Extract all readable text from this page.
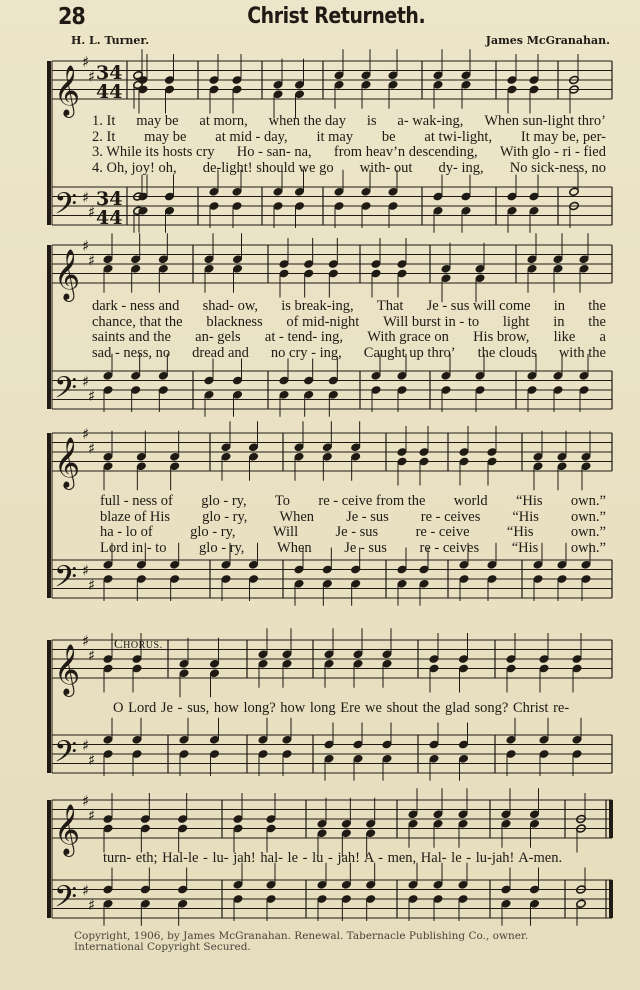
28	Christ Returneth.
H. L. Turner.	James McGranahan.
𝄞
𝄢
♯
♯
♯
♯
34
44
34
44
𝄞
𝄢
♯
♯
♯
♯
𝄞
𝄢
♯
♯
♯
♯
𝄞
𝄢
♯
♯
♯
♯
𝄞
𝄢
♯
♯
♯
♯
1. It may be at morn, when the day is a- wak-ing, When sun-light thro’
2. It may be at mid - day, it may be at twi-light, It may be, per-
3. While its hosts cry Ho - san- na, from heav’n descending, With glo - ri - fied
4. Oh, joy! oh, de-light! should we go with- out dy- ing, No sick-ness, no
dark - ness and shad- ow, is break-ing, That Je - sus will come in the
chance, that the blackness of mid-night Will burst in - to light in the
saints and the an- gels at - tend- ing, With grace on His brow, like a
sad - ness, no dread and no cry - ing, Caught up thro’ the clouds with the
full - ness of glo - ry, To re - ceive from the world “His own.”
blaze of His glo - ry, When Je - sus re - ceives “His own.”
ha - lo of	glo - ry,	Will	Je - sus	re - ceive	“His	own.”
Lord in - to glo - ry, When Je - sus re - ceives “His own.”
CHORUS.
O Lord Je - sus, how long? how long Ere we shout the glad song? Christ re-
turn- eth; Hal-le - lu- jah! hal- le - lu - jah! A - men, Hal- le - lu-jah! A-men.
Copyright, 1906, by James McGranahan. Renewal. Tabernacle Publishing Co., owner.
International Copyright Secured.
